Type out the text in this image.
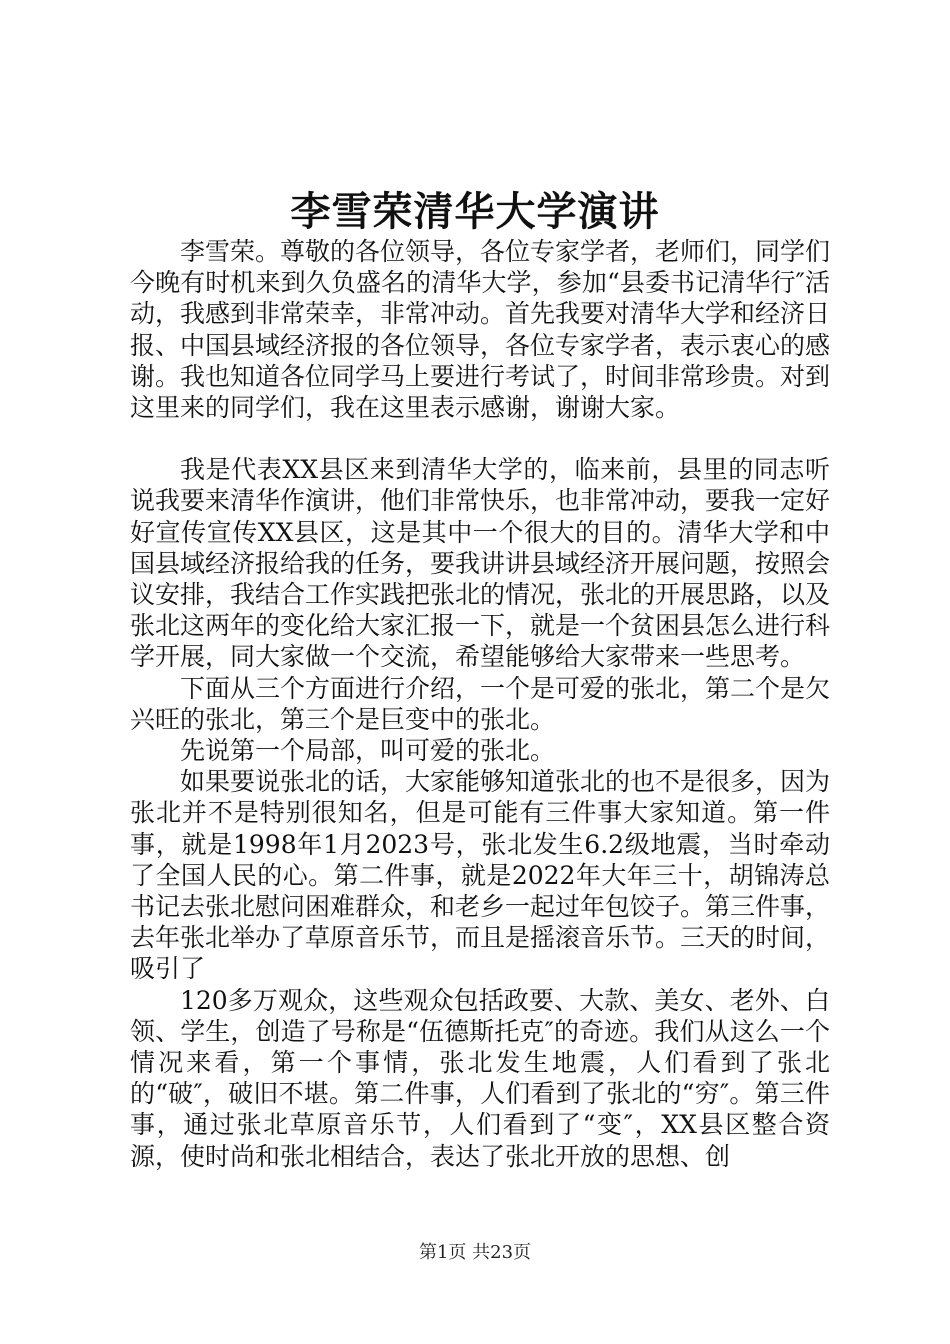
李雪荣清华大学演讲

李雪荣。尊敬的各位领导，各位专家学者，老师们，同学们今晚有时机来到久负盛名的清华大学，参加“县委书记清华行″活动，我感到非常荣幸，非常冲动。首先我要对清华大学和经济日报、中国县域经济报的各位领导，各位专家学者，表示衷心的感谢。我也知道各位同学马上要进行考试了，时间非常珍贵。对到这里来的同学们，我在这里表示感谢，谢谢大家。

我是代表XX县区来到清华大学的，临来前，县里的同志听说我要来清华作演讲，他们非常快乐，也非常冲动，要我一定好好宣传宣传XX县区，这是其中一个很大的目的。清华大学和中国县域经济报给我的任务，要我讲讲县域经济开展问题，按照会议安排，我结合工作实践把张北的情况，张北的开展思路，以及张北这两年的变化给大家汇报一下，就是一个贫困县怎么进行科学开展，同大家做一个交流，希望能够给大家带来一些思考。

下面从三个方面进行介绍，一个是可爱的张北，第二个是欠兴旺的张北，第三个是巨变中的张北。

先说第一个局部，叫可爱的张北。

如果要说张北的话，大家能够知道张北的也不是很多，因为张北并不是特别很知名，但是可能有三件事大家知道。第一件事，就是1998年1月2023号，张北发生6.2级地震，当时牵动了全国人民的心。第二件事，就是2022年大年三十，胡锦涛总书记去张北慰问困难群众，和老乡一起过年包饺子。第三件事，去年张北举办了草原音乐节，而且是摇滚音乐节。三天的时间，吸引了

120多万观众，这些观众包括政要、大款、美女、老外、白领、学生，创造了号称是“伍德斯托克″的奇迹。我们从这么一个情况来看，第一个事情，张北发生地震，人们看到了张北的“破″，破旧不堪。第二件事，人们看到了张北的“穷″。第三件事，通过张北草原音乐节，人们看到了“变″，XX县区整合资源，使时尚和张北相结合，表达了张北开放的思想、创

第1页 共23页
